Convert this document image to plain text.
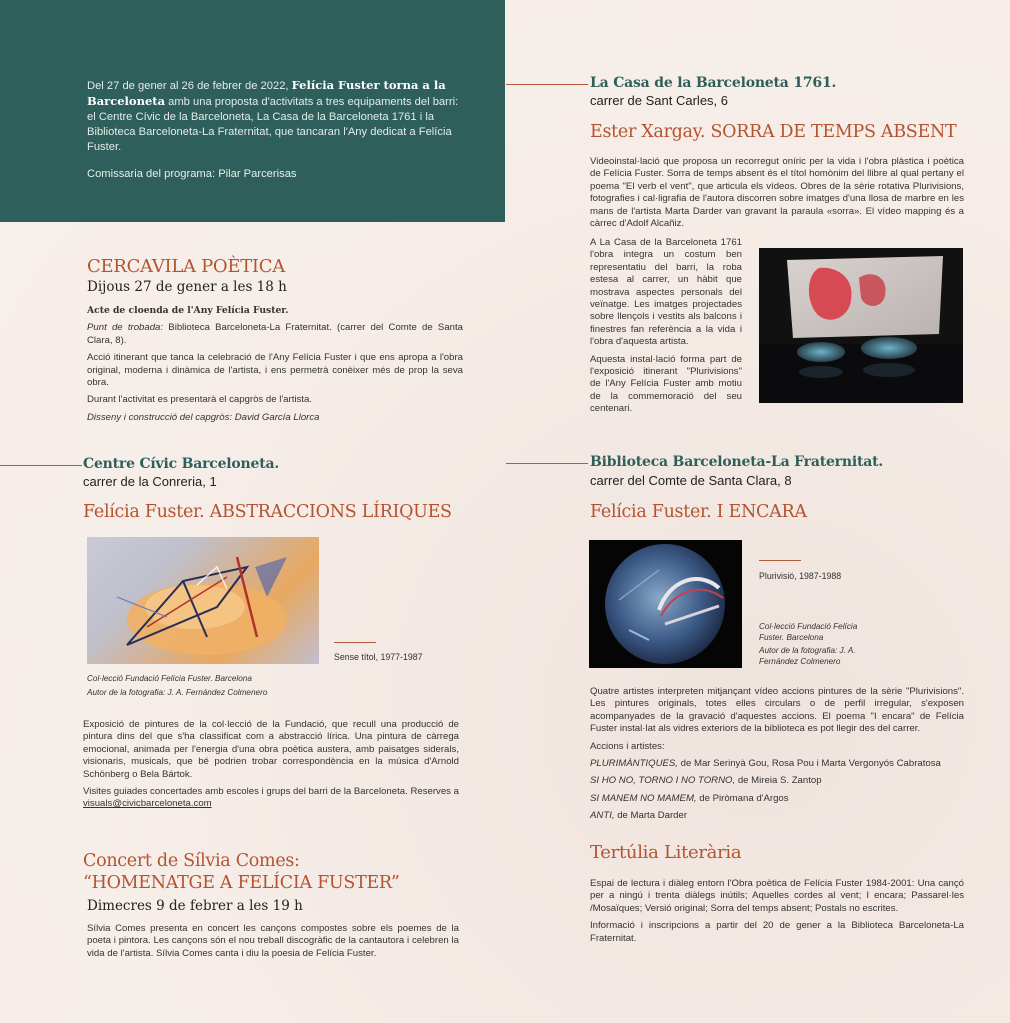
Del 27 de gener al 26 de febrer de 2022, Felícia Fuster torna a la Barceloneta amb una proposta d'activitats a tres equipaments del barri: el Centre Cívic de la Barceloneta, La Casa de la Barceloneta 1761 i la Biblioteca Barceloneta-La Fraternitat, que tancaran l'Any dedicat a Felícia Fuster.

Comissaria del programa: Pilar Parcerisas

CERCAVILA POÈTICA
Dijous 27 de gener a les 18 h

Acte de cloenda de l'Any Felícia Fuster.

Punt de trobada: Biblioteca Barceloneta-La Fraternitat. (carrer del Comte de Santa Clara, 8).

Acció itinerant que tanca la celebració de l'Any Felícia Fuster i que ens apropa a l'obra original, moderna i dinàmica de l'artista, i ens permetrà conèixer més de prop la seva obra.

Durant l'activitat es presentarà el capgròs de l'artista.

Disseny i construcció del capgròs: David García Llorca

La Casa de la Barceloneta 1761.
carrer de Sant Carles, 6
Ester Xargay. SORRA DE TEMPS ABSENT
Videoinstal·lació que proposa un recorregut oníric per la vida i l'obra plàstica i poètica de Felícia Fuster. Sorra de temps absent és el títol homònim del llibre al qual pertany el poema "El verb el vent", que articula els vídeos. Obres de la sèrie rotativa Plurivisions, fotografies i cal·ligrafia de l'autora discorren sobre imatges d'una llosa de marbre en les mans de l'artista Marta Darder van gravant la paraula «sorra». El vídeo mapping és a càrrec d'Adolf Alcañiz.

A La Casa de la Barceloneta 1761 l'obra integra un costum ben representatiu del barri, la roba estesa al carrer, un hàbit que mostrava aspectes personals del veïnatge. Les imatges projectades sobre llençols i vestits als balcons i finestres fan referència a la vida i l'obra d'aquesta artista.

Aquesta instal·lació forma part de l'exposició itinerant "Plurivisions" de l'Any Felícia Fuster amb motiu de la commemoració del seu centenari.

Centre Cívic Barceloneta.
carrer de la Conreria, 1
Felícia Fuster. ABSTRACCIONS LÍRIQUES
Sense títol, 1977-1987
Col·lecció Fundació Felícia Fuster. Barcelona
Autor de la fotografia: J. A. Fernández Colmenero

Exposició de pintures de la col·lecció de la Fundació, que recull una producció de pintura dins del que s'ha classificat com a abstracció lírica. Una pintura de càrrega emocional, animada per l'energia d'una obra poètica austera, amb paisatges siderals, visionaris, musicals, que bé podrien trobar correspondència en la música d'Arnold Schönberg o Bela Bártok.

Visites guiades concertades amb escoles i grups del barri de la Barceloneta. Reserves a visuals@civicbarceloneta.com

Concert de Sílvia Comes:
“HOMENATGE A FELÍCIA FUSTER”
Dimecres 9 de febrer a les 19 h
Sílvia Comes presenta en concert les cançons compostes sobre els poemes de la poeta i pintora. Les cançons són el nou treball discogràfic de la cantautora i celebren la vida de l'artista. Sílvia Comes canta i diu la poesia de Felícia Fuster.
Biblioteca Barceloneta-La Fraternitat.
carrer del Comte de Santa Clara, 8
Felícia Fuster. I ENCARA
Plurivisió, 1987-1988
Col·lecció Fundació Felícia Fuster. Barcelona
Autor de la fotografia: J. A. Fernández Colmenero

Quatre artistes interpreten mitjançant vídeo accions pintures de la sèrie "Plurivisions". Les pintures originals, totes elles circulars o de perfil irregular, s'exposen acompanyades de la gravació d'aquestes accions. El poema "I encara" de Felícia Fuster instal·lat als vidres exteriors de la biblioteca es pot llegir des del carrer.

Accions i artistes:

PLURIMÀNTIQUES, de Mar Serinyà Gou, Rosa Pou i Marta Vergonyós Cabratosa

SI HO NO, TORNO I NO TORNO, de Mireia S. Zantop

SI MANEM NO MAMEM, de Piròmana d'Argos

ANTI, de Marta Darder

Tertúlia Literària

Espai de lectura i diàleg entorn l'Obra poètica de Felícia Fuster 1984-2001: Una cançó per a ningú i trenta diàlegs inútils; Aquelles cordes al vent; I encara; Passarel·les /Mosaïques; Versió original; Sorra del temps absent; Postals no escrites.

Informació i inscripcions a partir del 20 de gener a la Biblioteca Barceloneta-La Fraternitat.
